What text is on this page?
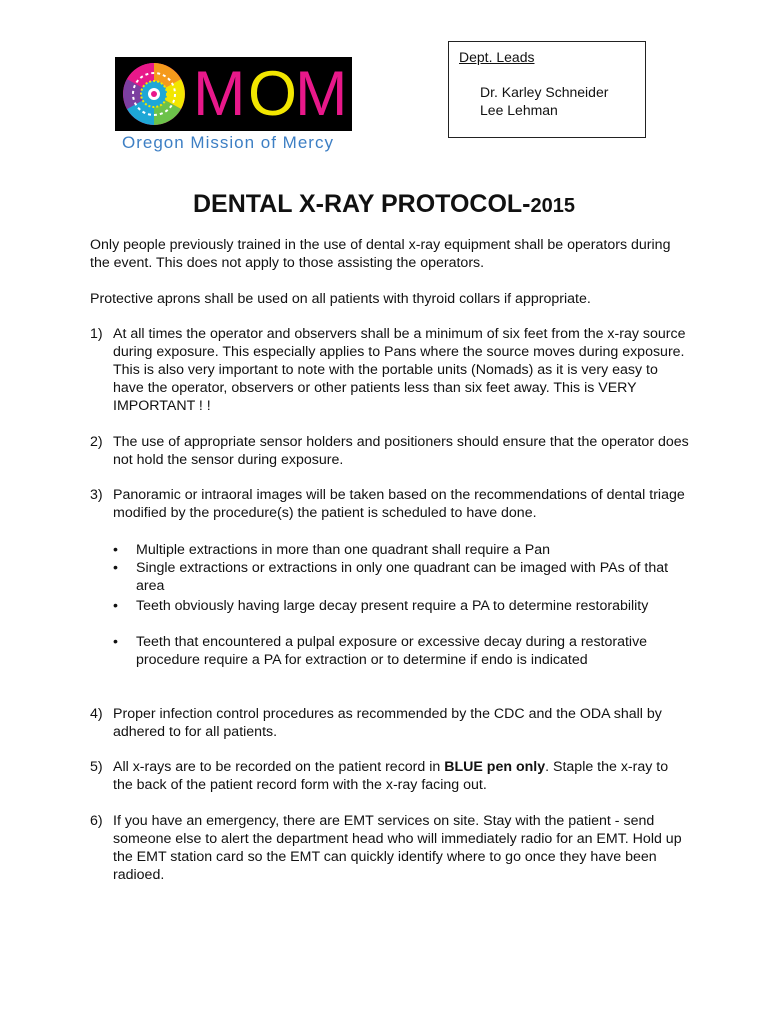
M O
M
Oregon Mission of Mercy
Dept. Leads
Dr. Karley Schneider
Lee Lehman
DENTAL X-RAY PROTOCOL-2015
Only people previously trained in the use of dental x-ray equipment shall be operators during the event. This does not apply to those assisting the operators.
Protective aprons shall be used on all patients with thyroid collars if appropriate.
1) At all times the operator and observers shall be a minimum of six feet from the x-ray source during exposure. This especially applies to Pans where the source moves during exposure. This is also very important to note with the portable units (Nomads) as it is very easy to have the operator, observers or other patients less than six feet away. This is VERY IMPORTANT ! !
2) The use of appropriate sensor holders and positioners should ensure that the operator does not hold the sensor during exposure.
3) Panoramic or intraoral images will be taken based on the recommendations of dental triage modified by the procedure(s) the patient is scheduled to have done.
• Multiple extractions in more than one quadrant shall require a Pan
• Single extractions or extractions in only one quadrant can be imaged with PAs of that area
• Teeth obviously having large decay present require a PA to determine restorability
• Teeth that encountered a pulpal exposure or excessive decay during a restorative procedure require a PA for extraction or to determine if endo is indicated
4) Proper infection control procedures as recommended by the CDC and the ODA shall by adhered to for all patients.
5) All x-rays are to be recorded on the patient record in BLUE pen only. Staple the x-ray to the back of the patient record form with the x-ray facing out.
6) If you have an emergency, there are EMT services on site. Stay with the patient - send someone else to alert the department head who will immediately radio for an EMT. Hold up the EMT station card so the EMT can quickly identify where to go once they have been radioed.
